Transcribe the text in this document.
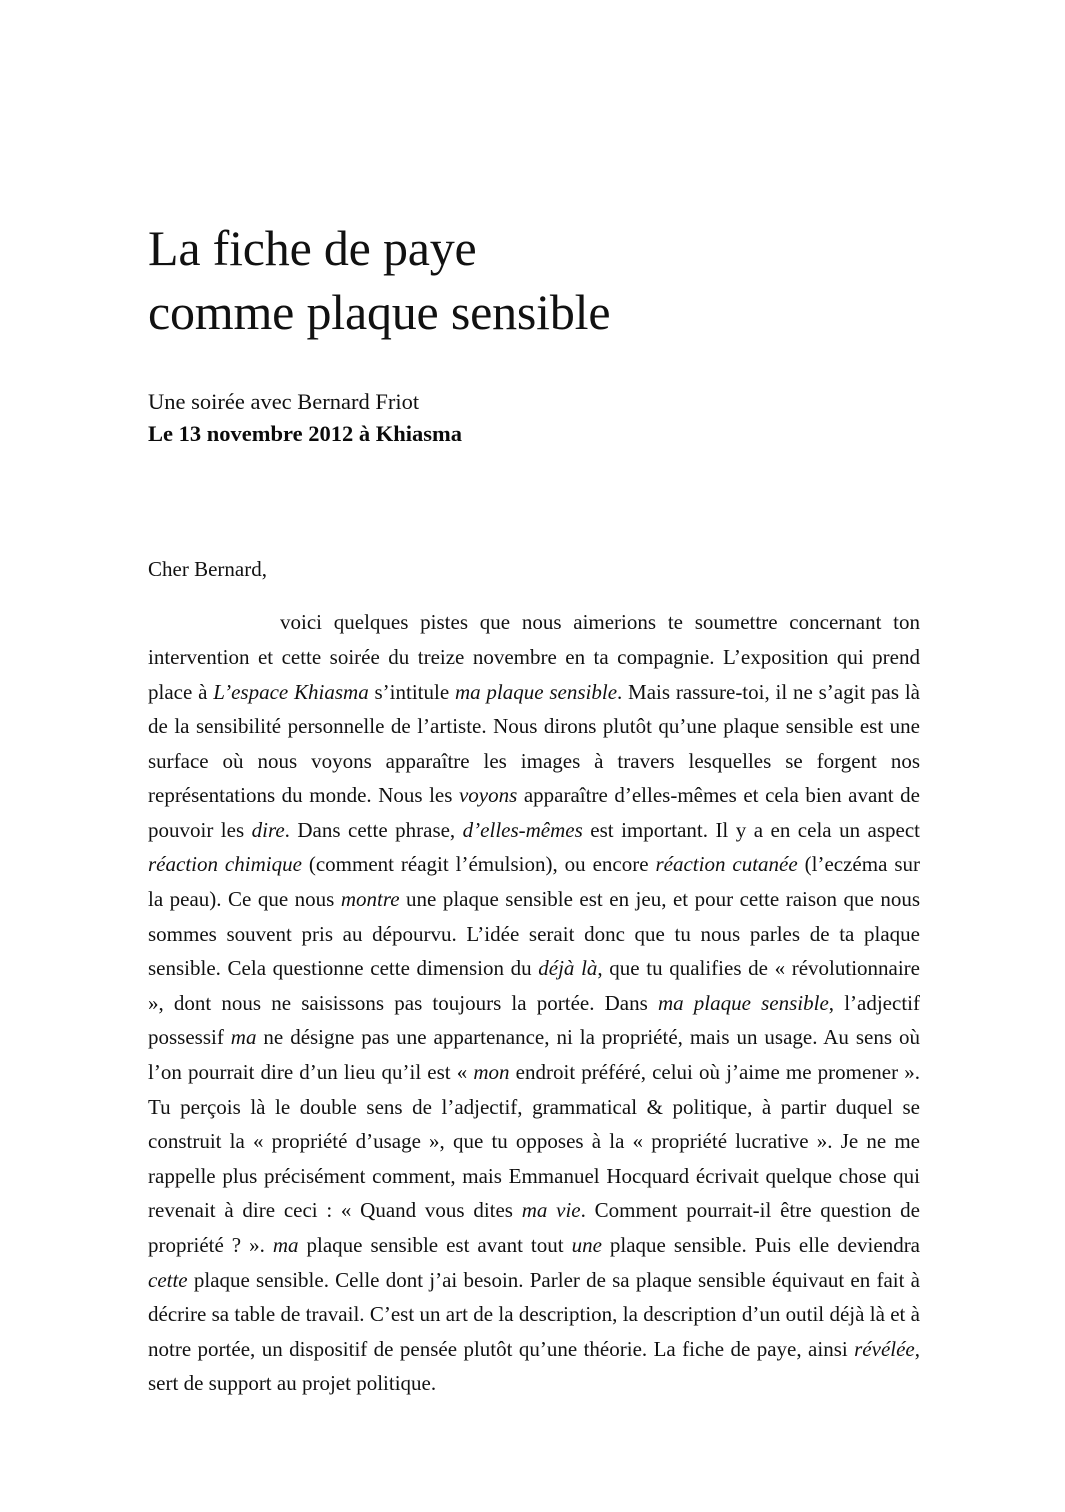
La fiche de paye
comme plaque sensible

Une soirée avec Bernard Friot

Le 13 novembre 2012 à Khiasma

Cher Bernard,

voici quelques pistes que nous aimerions te soumettre concernant ton intervention et cette soirée du treize novembre en ta compagnie. L’exposition qui prend place à L’espace Khiasma s’intitule ma plaque sensible. Mais rassure-toi, il ne s’agit pas là de la sensibilité personnelle de l’artiste. Nous dirons plutôt qu’une plaque sensible est une surface où nous voyons apparaître les images à travers lesquelles se forgent nos représentations du monde. Nous les voyons apparaître d’elles-mêmes et cela bien avant de pouvoir les dire. Dans cette phrase, d’elles-mêmes est important. Il y a en cela un aspect réaction chimique (comment réagit l’émulsion), ou encore réaction cutanée (l’eczéma sur la peau). Ce que nous montre une plaque sensible est en jeu, et pour cette raison que nous sommes souvent pris au dépourvu. L’idée serait donc que tu nous parles de ta plaque sensible. Cela questionne cette dimension du déjà là, que tu qualifies de « révolutionnaire », dont nous ne saisissons pas toujours la portée. Dans ma plaque sensible, l’adjectif possessif ma ne désigne pas une appartenance, ni la propriété, mais un usage. Au sens où l’on pourrait dire d’un lieu qu’il est « mon endroit préféré, celui où j’aime me promener ». Tu perçois là le double sens de l’adjectif, grammatical & politique, à partir duquel se construit la « propriété d’usage », que tu opposes à la « propriété lucrative ». Je ne me rappelle plus précisément comment, mais Emmanuel Hocquard écrivait quelque chose qui revenait à dire ceci : « Quand vous dites ma vie. Comment pourrait-il être question de propriété ? ». ma plaque sensible est avant tout une plaque sensible. Puis elle deviendra cette plaque sensible. Celle dont j’ai besoin. Parler de sa plaque sensible équivaut en fait à décrire sa table de travail. C’est un art de la description, la description d’un outil déjà là et à notre portée, un dispositif de pensée plutôt qu’une théorie. La fiche de paye, ainsi révélée, sert de support au projet politique.
